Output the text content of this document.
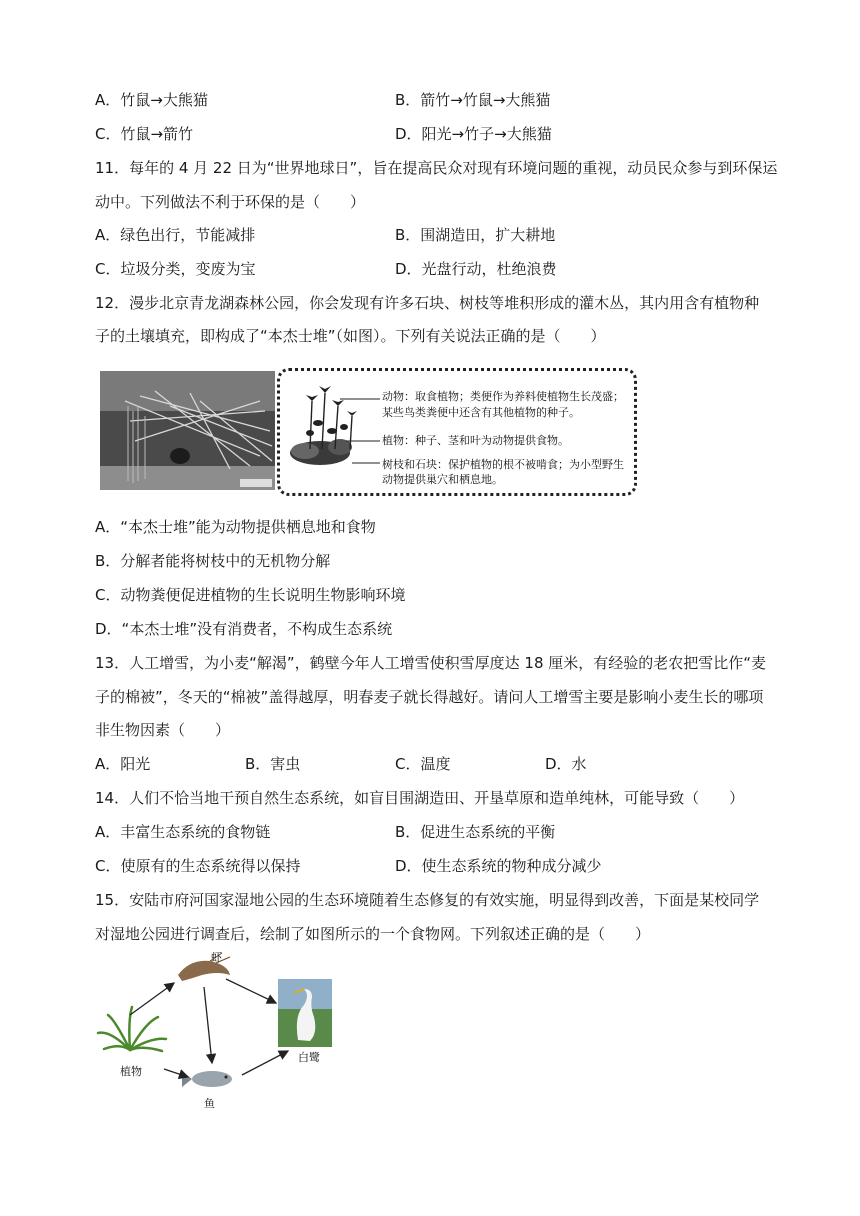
A．竹鼠→大熊猫	B．箭竹→竹鼠→大熊猫
C．竹鼠→箭竹	D．阳光→竹子→大熊猫
11．每年的 4 月 22 日为“世界地球日”，旨在提高民众对现有环境问题的重视，动员民众参与到环保运
动中。下列做法不利于环保的是（　　）
A．绿色出行，节能减排	B．围湖造田，扩大耕地
C．垃圾分类，变废为宝	D．光盘行动，杜绝浪费
12．漫步北京青龙湖森林公园，你会发现有许多石块、树枝等堆积形成的灌木丛，其内用含有植物种
子的土壤填充，即构成了“本杰士堆”（如图）。下列有关说法正确的是（　　）
动物：取食植物；类便作为养料使植物生长茂盛；
某些鸟类粪便中还含有其他植物的种子。
植物：种子、茎和叶为动物提供食物。
树枝和石块：保护植物的根不被啃食；为小型野生
动物提供巢穴和栖息地。
A．“本杰士堆”能为动物提供栖息地和食物
B．分解者能将树枝中的无机物分解
C．动物粪便促进植物的生长说明生物影响环境
D．“本杰士堆”没有消费者，不构成生态系统
13．人工增雪，为小麦“解渴”，鹤壁今年人工增雪使积雪厚度达 18 厘米，有经验的老农把雪比作“麦
子的棉被”，冬天的“棉被”盖得越厚，明春麦子就长得越好。请问人工增雪主要是影响小麦生长的哪项
非生物因素（　　）
A．阳光	B．害虫	C．温度	D．水
14．人们不恰当地干预自然生态系统，如盲目围湖造田、开垦草原和造单纯林，可能导致（　　）
A．丰富生态系统的食物链	B．促进生态系统的平衡
C．使原有的生态系统得以保持	D．使生态系统的物种成分减少
15．安陆市府河国家湿地公园的生态环境随着生态修复的有效实施，明显得到改善，下面是某校同学
对湿地公园进行调查后，绘制了如图所示的一个食物网。下列叙述正确的是（　　）
虾
植物
鱼
白鹭
